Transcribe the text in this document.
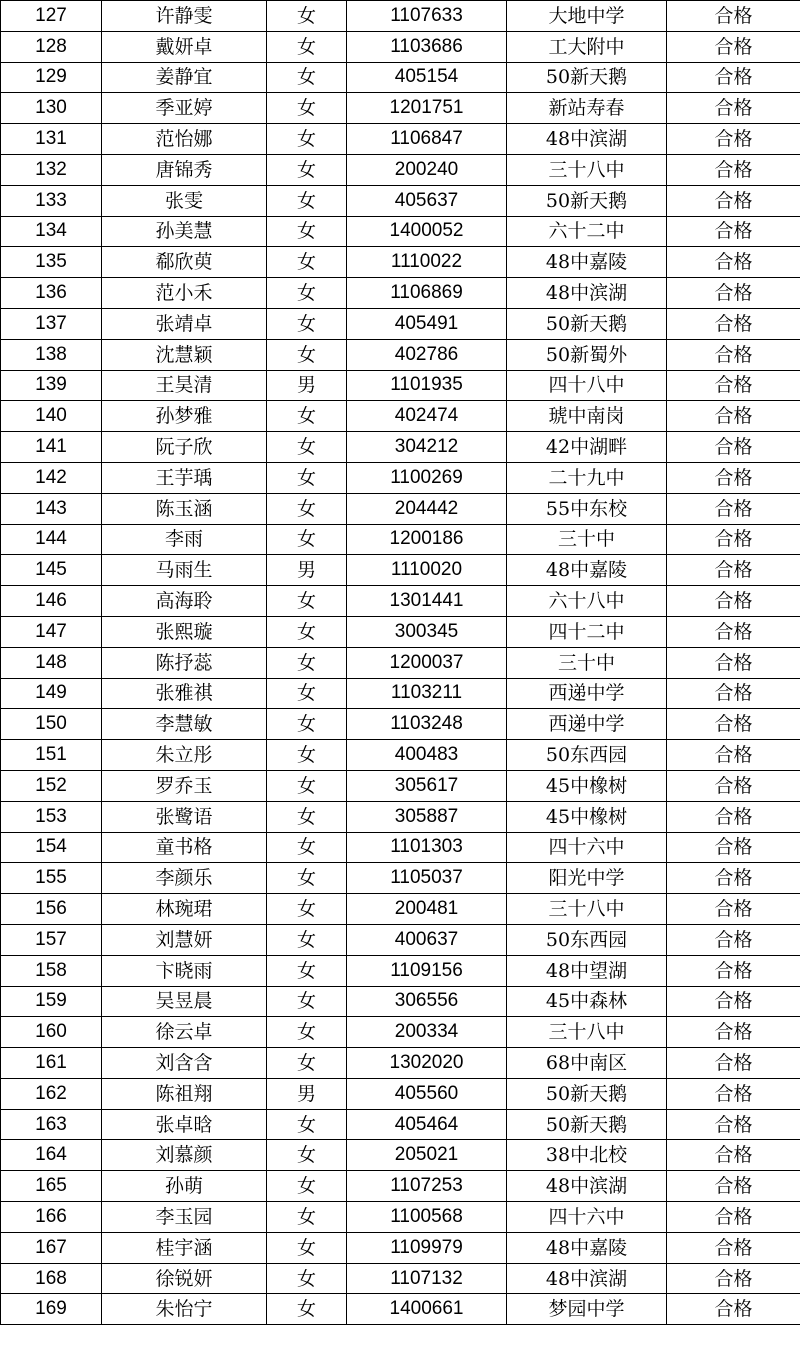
127	许静雯	女	1107633	大地中学	合格
128	戴妍卓	女	1103686	工大附中	合格
129	姜静宜	女	405154	50新天鹅	合格
130	季亚婷	女	1201751	新站寿春	合格
131	范怡娜	女	1106847	48中滨湖	合格
132	唐锦秀	女	200240	三十八中	合格
133	张雯	女	405637	50新天鹅	合格
134	孙美慧	女	1400052	六十二中	合格
135	郗欣萸	女	1110022	48中嘉陵	合格
136	范小禾	女	1106869	48中滨湖	合格
137	张靖卓	女	405491	50新天鹅	合格
138	沈慧颖	女	402786	50新蜀外	合格
139	王昊清	男	1101935	四十八中	合格
140	孙梦雅	女	402474	琥中南岗	合格
141	阮子欣	女	304212	42中湖畔	合格
142	王芋瑀	女	1100269	二十九中	合格
143	陈玉涵	女	204442	55中东校	合格
144	李雨	女	1200186	三十中	合格
145	马雨生	男	1110020	48中嘉陵	合格
146	高海聆	女	1301441	六十八中	合格
147	张熙璇	女	300345	四十二中	合格
148	陈抒蕊	女	1200037	三十中	合格
149	张雅祺	女	1103211	西递中学	合格
150	李慧敏	女	1103248	西递中学	合格
151	朱立彤	女	400483	50东西园	合格
152	罗乔玉	女	305617	45中橡树	合格
153	张鹭语	女	305887	45中橡树	合格
154	童书格	女	1101303	四十六中	合格
155	李颜乐	女	1105037	阳光中学	合格
156	林琬珺	女	200481	三十八中	合格
157	刘慧妍	女	400637	50东西园	合格
158	卞晓雨	女	1109156	48中望湖	合格
159	吴昱晨	女	306556	45中森林	合格
160	徐云卓	女	200334	三十八中	合格
161	刘含含	女	1302020	68中南区	合格
162	陈祖翔	男	405560	50新天鹅	合格
163	张卓晗	女	405464	50新天鹅	合格
164	刘慕颜	女	205021	38中北校	合格
165	孙萌	女	1107253	48中滨湖	合格
166	李玉园	女	1100568	四十六中	合格
167	桂宇涵	女	1109979	48中嘉陵	合格
168	徐锐妍	女	1107132	48中滨湖	合格
169	朱怡宁	女	1400661	梦园中学	合格
